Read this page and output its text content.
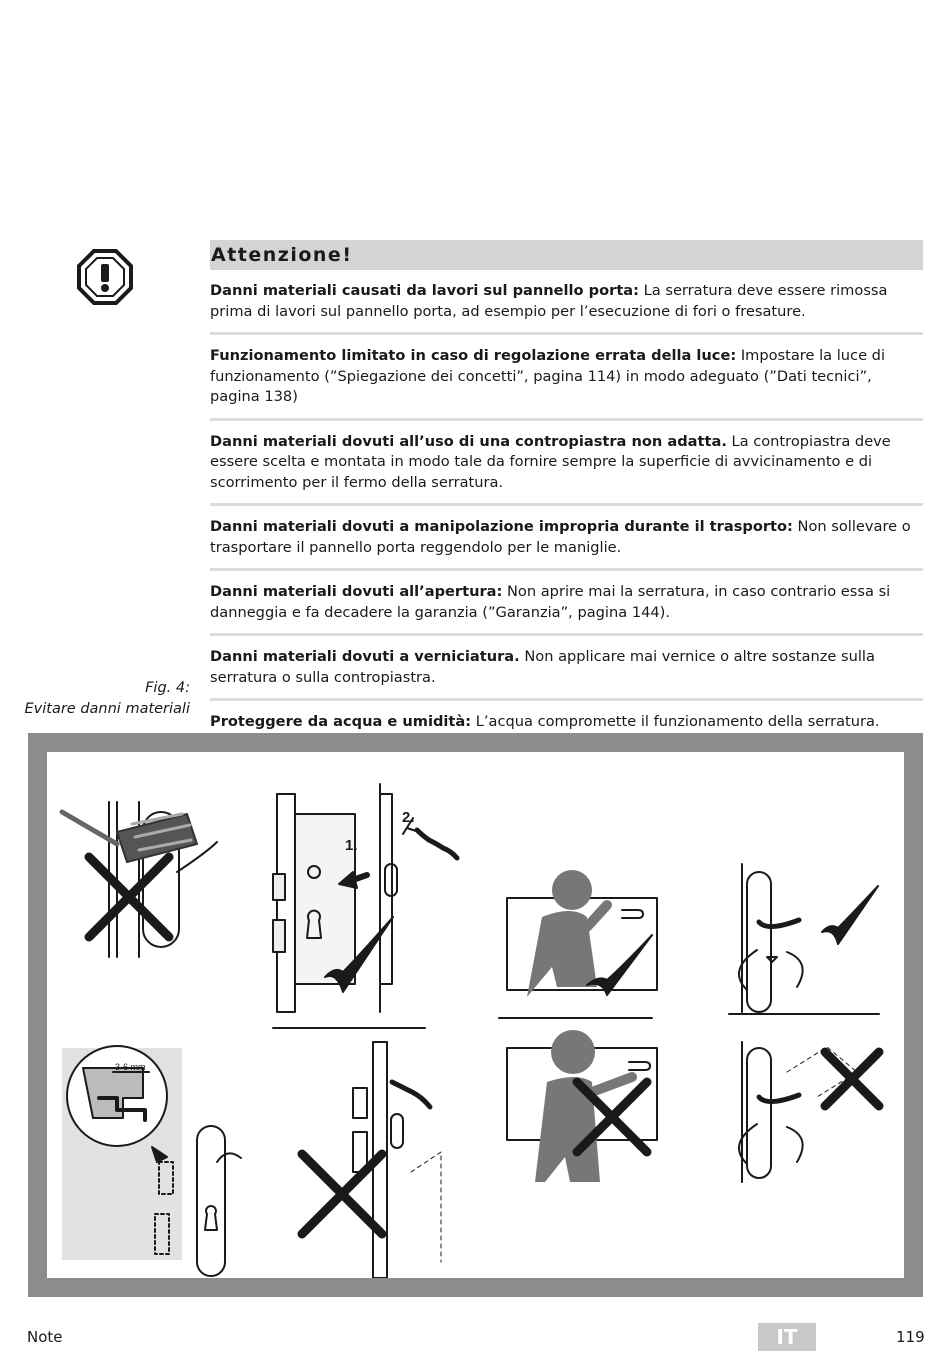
Attenzione!
Danni materiali causati da lavori sul pannello porta: La serratura deve essere rimossa prima di lavori sul pannello porta, ad esempio per l’esecuzione di fori o fresature.
Funzionamento limitato in caso di regolazione errata della luce: Impostare la luce di funzionamento (”Spiegazione dei concetti”, pagina 114) in modo adeguato (”Dati tecnici”, pagina 138)
Danni materiali dovuti all’uso di una contropiastra non adatta. La contropiastra deve essere scelta e montata in modo tale da fornire sempre la superficie di avvicinamento e di scorrimento per il fermo della serratura.
Danni materiali dovuti a manipolazione impropria durante il trasporto: Non sollevare o trasportare il pannello porta reggendolo per le maniglie.
Danni materiali dovuti all’apertura: Non aprire mai la serratura, in caso contrario essa si danneggia e fa decadere la garanzia (”Garanzia”, pagina 144).
Danni materiali dovuti a verniciatura. Non applicare mai vernice o altre sostanze sulla serratura o sulla contropiastra.
Proteggere da acqua e umidità: L’acqua compromette il funzionamento della serratura.
Fig. 4:
Evitare danni materiali
1.
2.
3-6 mm
Note	IT	119
